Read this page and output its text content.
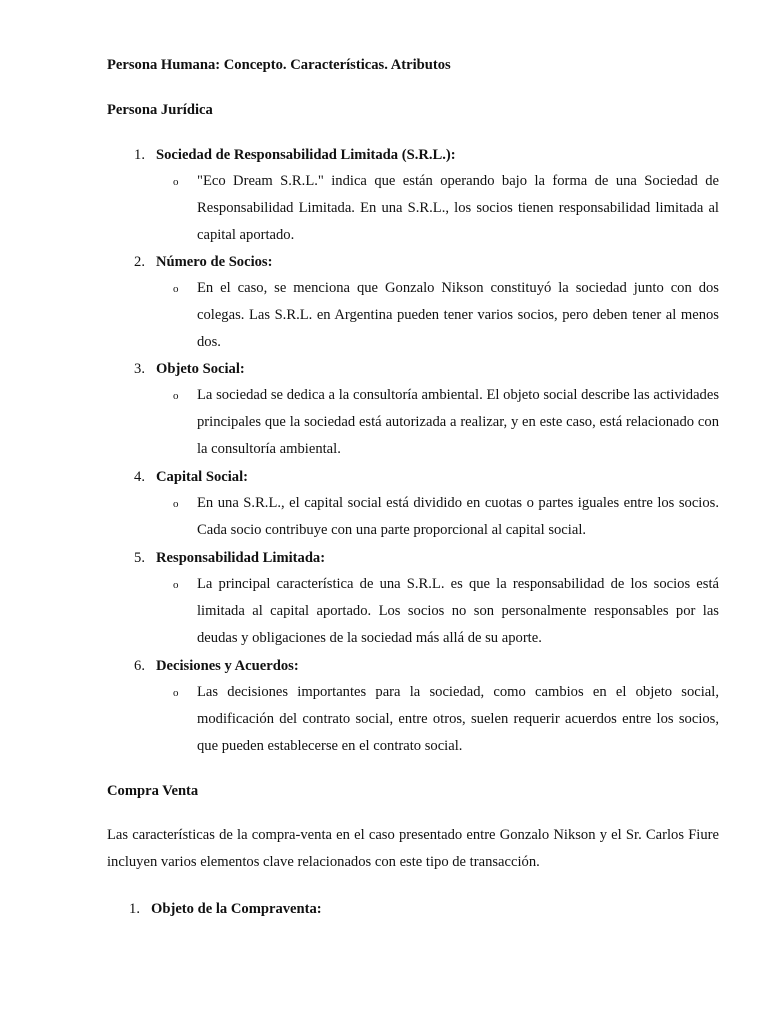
Persona Humana: Concepto. Características. Atributos
Persona Jurídica
1. Sociedad de Responsabilidad Limitada (S.R.L.):
o "Eco Dream S.R.L." indica que están operando bajo la forma de una Sociedad de Responsabilidad Limitada. En una S.R.L., los socios tienen responsabilidad limitada al capital aportado.
2. Número de Socios:
o En el caso, se menciona que Gonzalo Nikson constituyó la sociedad junto con dos colegas. Las S.R.L. en Argentina pueden tener varios socios, pero deben tener al menos dos.
3. Objeto Social:
o La sociedad se dedica a la consultoría ambiental. El objeto social describe las actividades principales que la sociedad está autorizada a realizar, y en este caso, está relacionado con la consultoría ambiental.
4. Capital Social:
o En una S.R.L., el capital social está dividido en cuotas o partes iguales entre los socios. Cada socio contribuye con una parte proporcional al capital social.
5. Responsabilidad Limitada:
o La principal característica de una S.R.L. es que la responsabilidad de los socios está limitada al capital aportado. Los socios no son personalmente responsables por las deudas y obligaciones de la sociedad más allá de su aporte.
6. Decisiones y Acuerdos:
o Las decisiones importantes para la sociedad, como cambios en el objeto social, modificación del contrato social, entre otros, suelen requerir acuerdos entre los socios, que pueden establecerse en el contrato social.
Compra Venta
Las características de la compra-venta en el caso presentado entre Gonzalo Nikson y el Sr. Carlos Fiure incluyen varios elementos clave relacionados con este tipo de transacción.
1. Objeto de la Compraventa:
